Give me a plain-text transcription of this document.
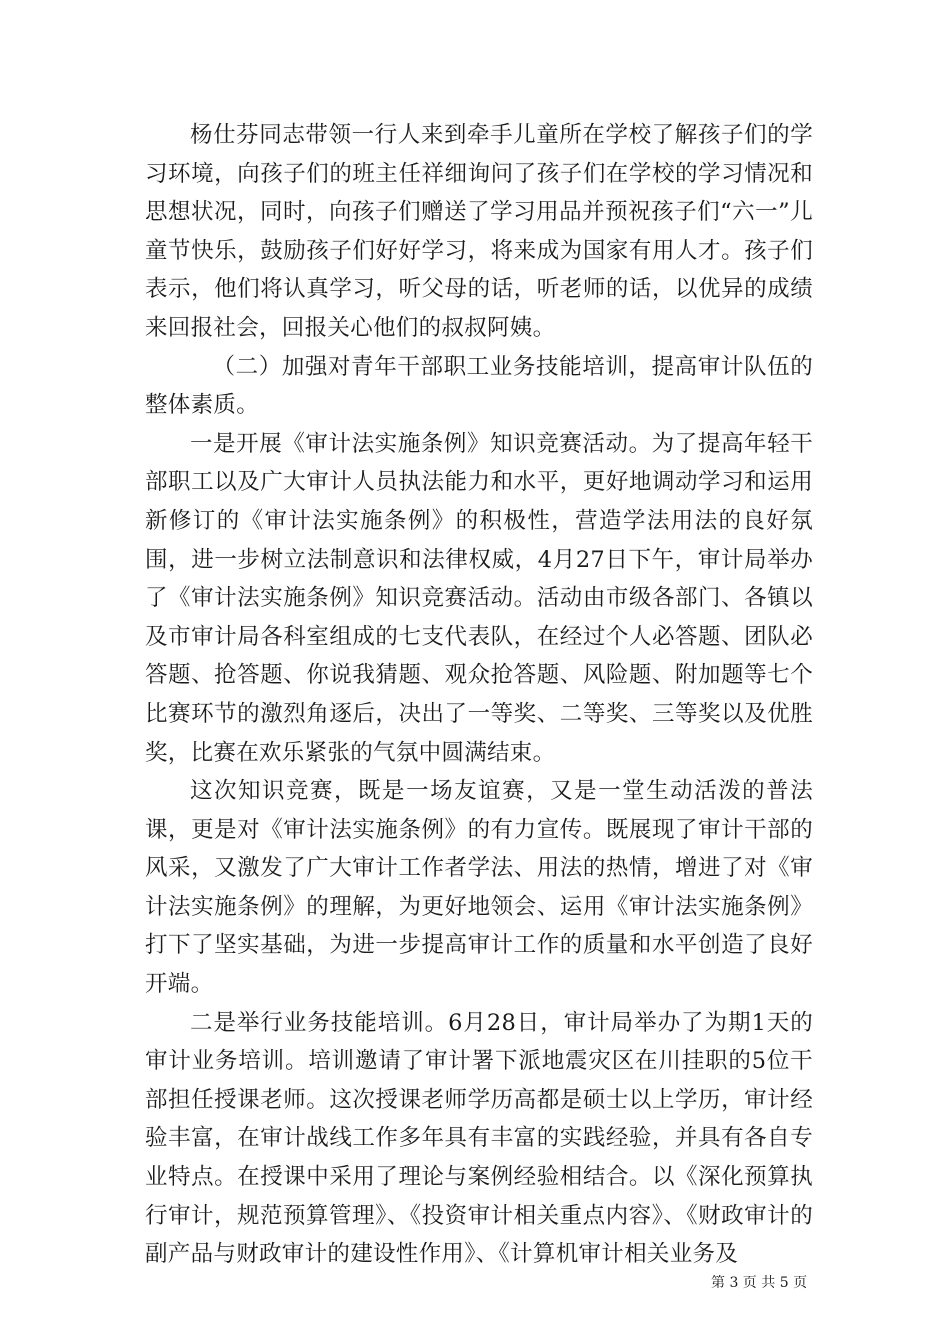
杨仕芬同志带领一行人来到牵手儿童所在学校了解孩子们的学习环境，向孩子们的班主任祥细询问了孩子们在学校的学习情况和思想状况，同时，向孩子们赠送了学习用品并预祝孩子们“六一”儿童节快乐，鼓励孩子们好好学习，将来成为国家有用人才。孩子们表示，他们将认真学习，听父母的话，听老师的话，以优异的成绩来回报社会，回报关心他们的叔叔阿姨。

（二）加强对青年干部职工业务技能培训，提高审计队伍的整体素质。

一是开展《审计法实施条例》知识竞赛活动。为了提高年轻干部职工以及广大审计人员执法能力和水平，更好地调动学习和运用新修订的《审计法实施条例》的积极性，营造学法用法的良好氛围，进一步树立法制意识和法律权威，4月27日下午，审计局举办了《审计法实施条例》知识竞赛活动。活动由市级各部门、各镇以及市审计局各科室组成的七支代表队，在经过个人必答题、团队必答题、抢答题、你说我猜题、观众抢答题、风险题、附加题等七个比赛环节的激烈角逐后，决出了一等奖、二等奖、三等奖以及优胜奖，比赛在欢乐紧张的气氛中圆满结束。

这次知识竞赛，既是一场友谊赛，又是一堂生动活泼的普法课，更是对《审计法实施条例》的有力宣传。既展现了审计干部的风采，又激发了广大审计工作者学法、用法的热情，增进了对《审计法实施条例》的理解，为更好地领会、运用《审计法实施条例》打下了坚实基础，为进一步提高审计工作的质量和水平创造了良好开端。

二是举行业务技能培训。6月28日，审计局举办了为期1天的审计业务培训。培训邀请了审计署下派地震灾区在川挂职的5位干部担任授课老师。这次授课老师学历高都是硕士以上学历，审计经验丰富，在审计战线工作多年具有丰富的实践经验，并具有各自专业特点。在授课中采用了理论与案例经验相结合。以《深化预算执行审计，规范预算管理》、《投资审计相关重点内容》、《财政审计的副产品与财政审计的建设性作用》、《计算机审计相关业务及

第 3 页 共 5 页
